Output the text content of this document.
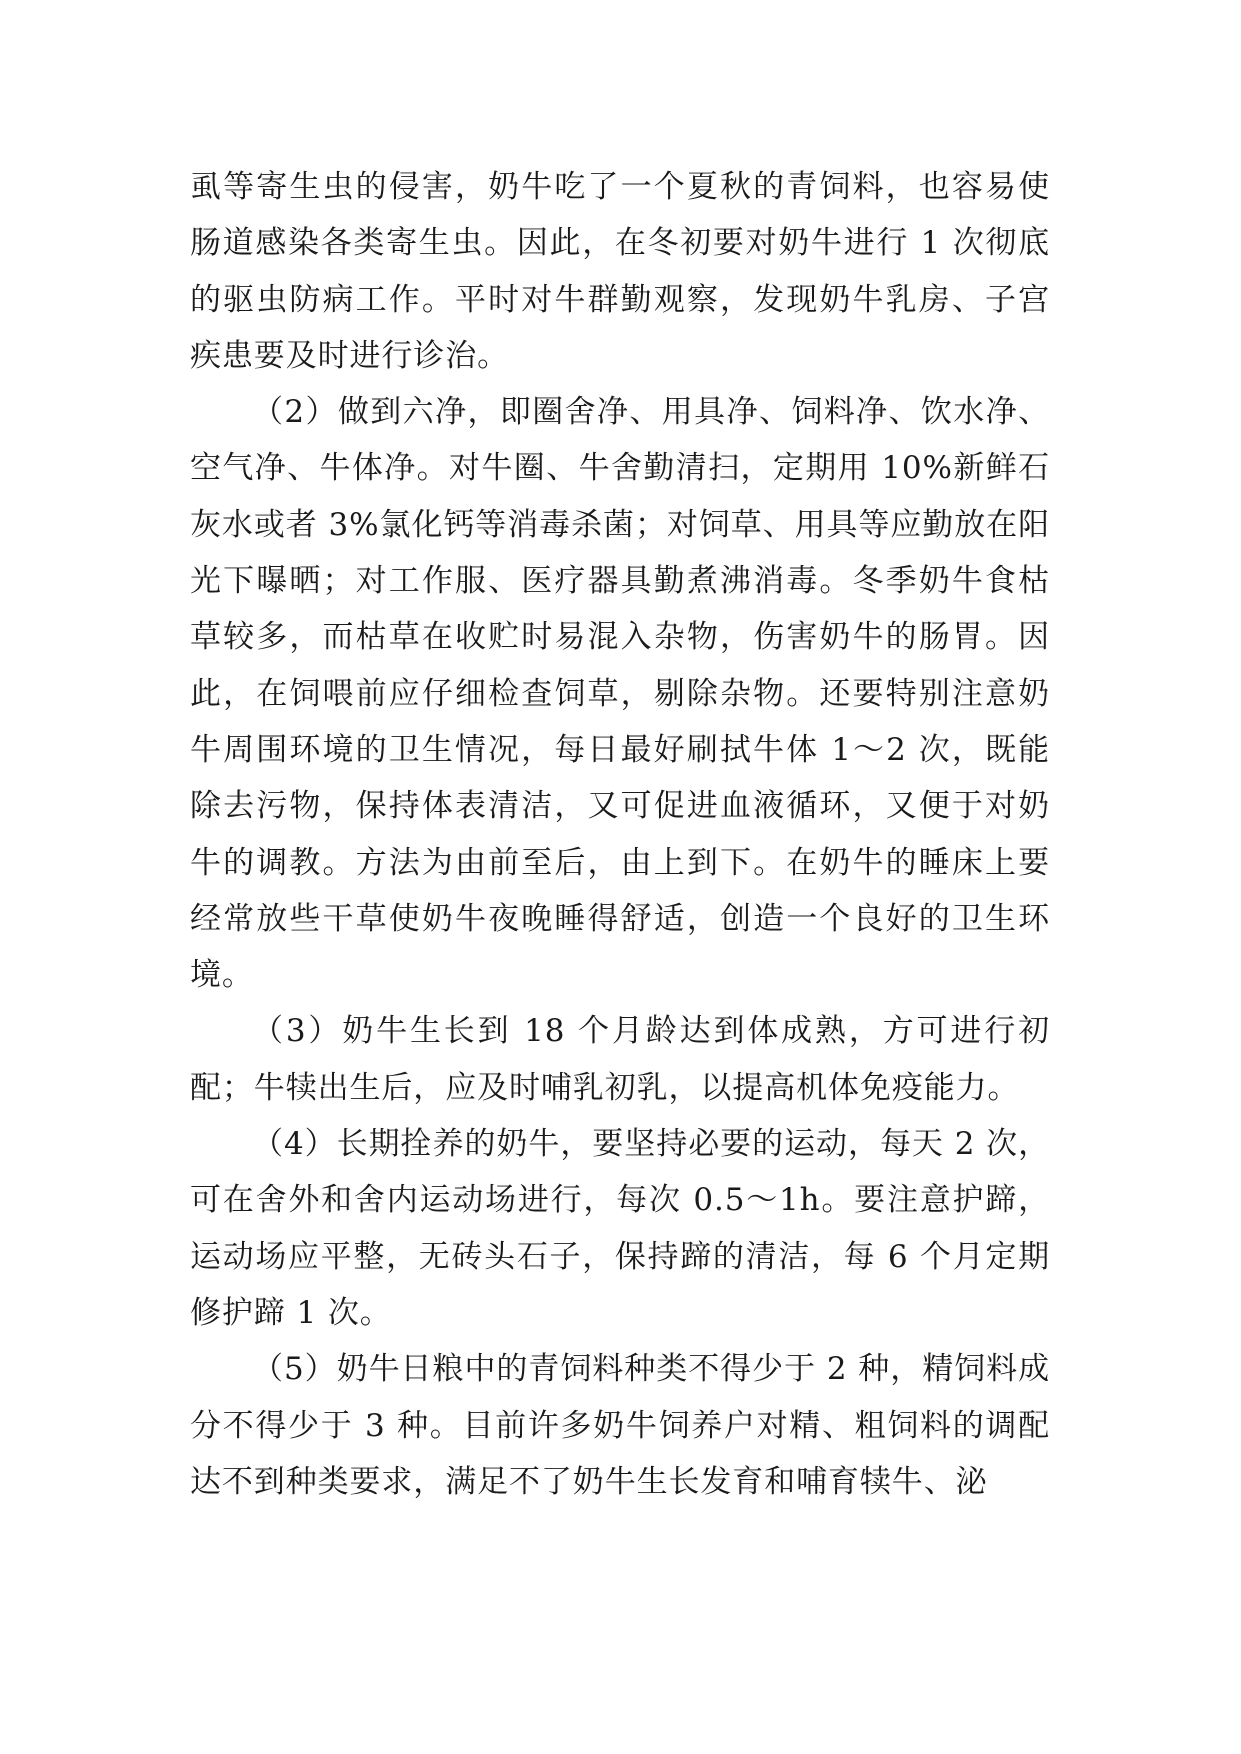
虱等寄生虫的侵害，奶牛吃了一个夏秋的青饲料，也容易使肠道感染各类寄生虫。因此，在冬初要对奶牛进行 1 次彻底的驱虫防病工作。平时对牛群勤观察，发现奶牛乳房、子宫疾患要及时进行诊治。

（2）做到六净，即圈舍净、用具净、饲料净、饮水净、空气净、牛体净。对牛圈、牛舍勤清扫，定期用 10%新鲜石灰水或者 3%氯化钙等消毒杀菌；对饲草、用具等应勤放在阳光下曝晒；对工作服、医疗器具勤煮沸消毒。冬季奶牛食枯草较多，而枯草在收贮时易混入杂物，伤害奶牛的肠胃。因此，在饲喂前应仔细检查饲草，剔除杂物。还要特别注意奶牛周围环境的卫生情况，每日最好刷拭牛体 1～2 次，既能除去污物，保持体表清洁，又可促进血液循环，又便于对奶牛的调教。方法为由前至后，由上到下。在奶牛的睡床上要经常放些干草使奶牛夜晚睡得舒适，创造一个良好的卫生环境。

（3）奶牛生长到 18 个月龄达到体成熟，方可进行初配；牛犊出生后，应及时哺乳初乳，以提高机体免疫能力。

（4）长期拴养的奶牛，要坚持必要的运动，每天 2 次，可在舍外和舍内运动场进行，每次 0.5～1h。要注意护蹄，运动场应平整，无砖头石子，保持蹄的清洁，每 6 个月定期修护蹄 1 次。

（5）奶牛日粮中的青饲料种类不得少于 2 种，精饲料成分不得少于 3 种。目前许多奶牛饲养户对精、粗饲料的调配达不到种类要求，满足不了奶牛生长发育和哺育犊牛、泌
